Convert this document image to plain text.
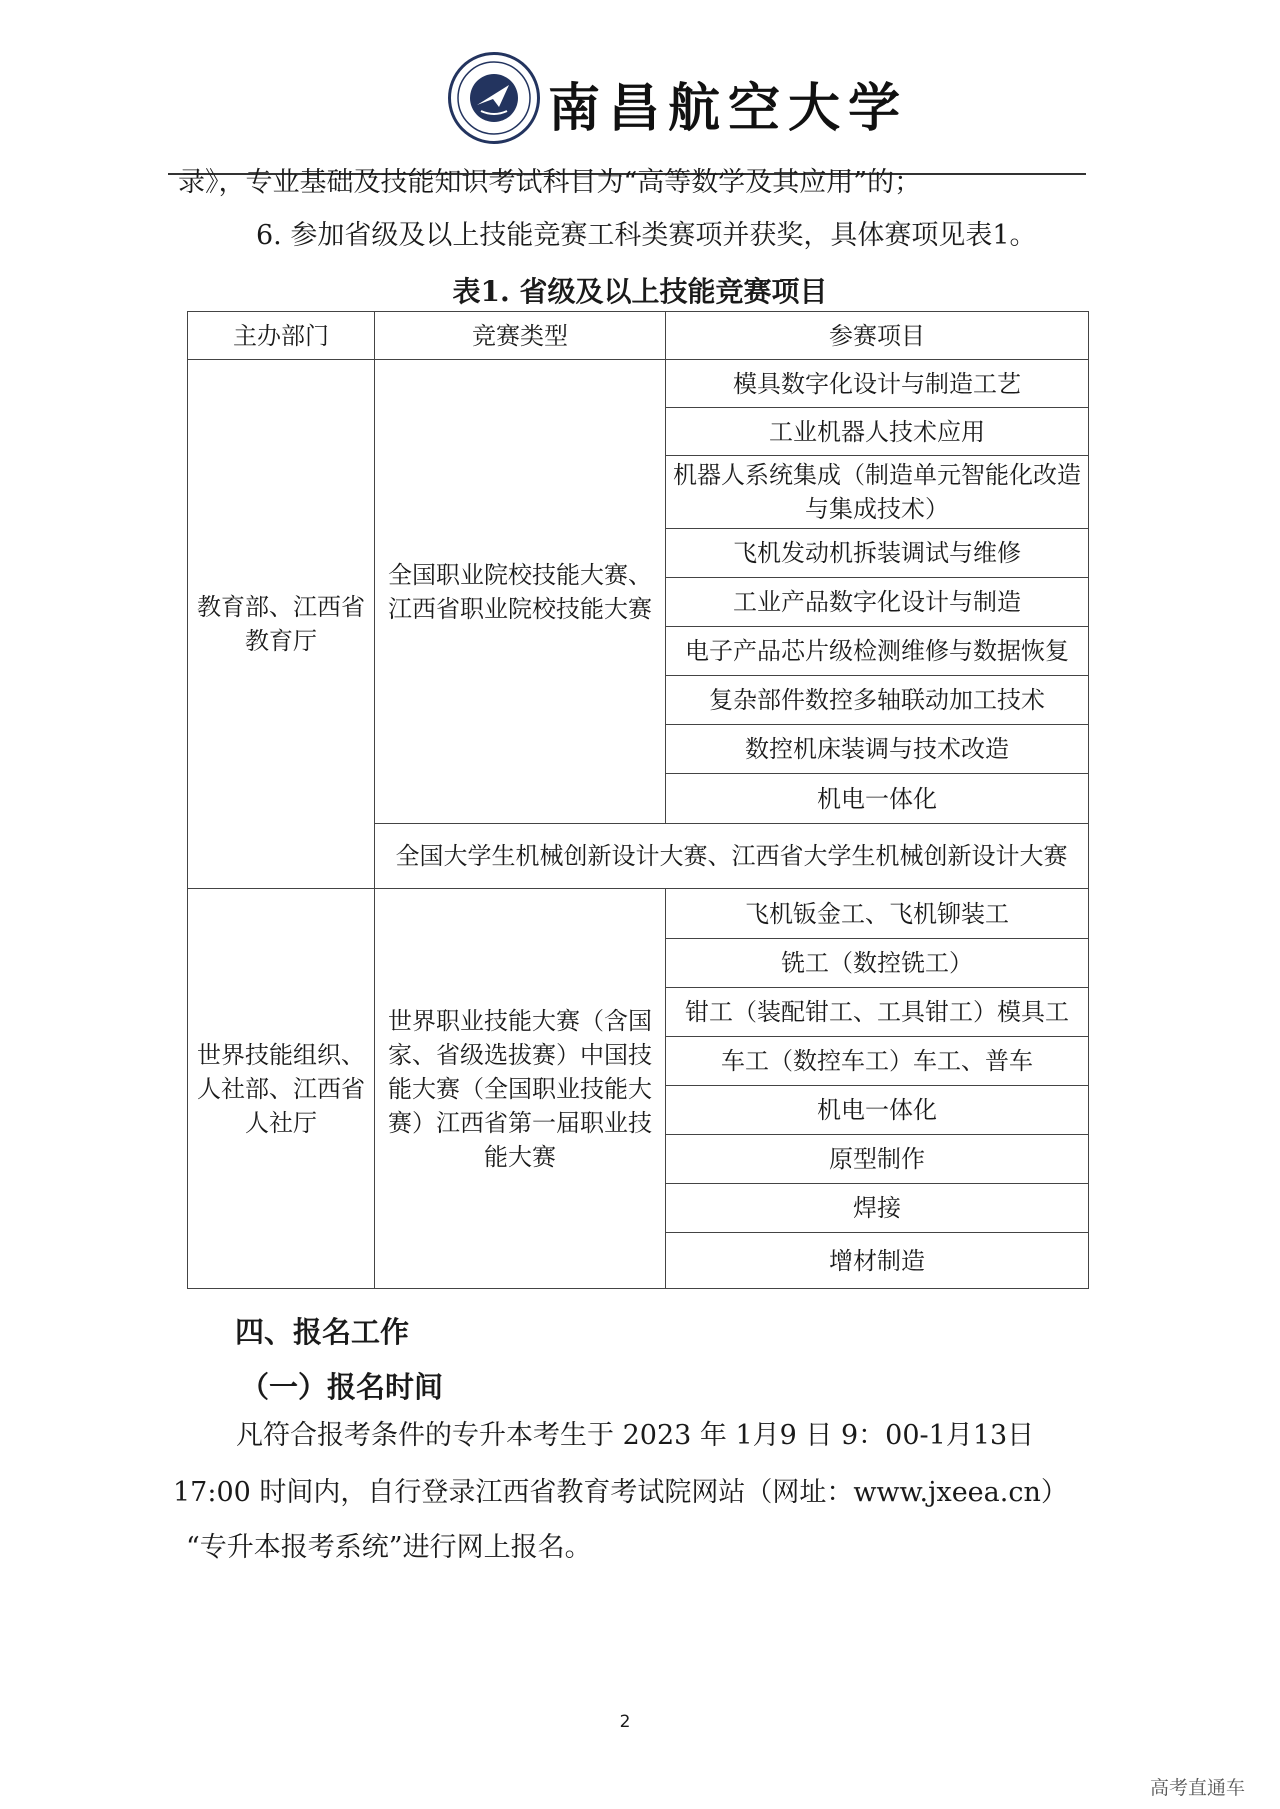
南昌航空大学
录》，专业基础及技能知识考试科目为“高等数学及其应用”的；
6. 参加省级及以上技能竞赛工科类赛项并获奖，具体赛项见表1。
表1. 省级及以上技能竞赛项目
主办部门	竞赛类型	参赛项目
教育部、江西省教育厅
全国职业院校技能大赛、江西省职业院校技能大赛
模具数字化设计与制造工艺
工业机器人技术应用
机器人系统集成（制造单元智能化改造与集成技术）
飞机发动机拆装调试与维修
工业产品数字化设计与制造
电子产品芯片级检测维修与数据恢复
复杂部件数控多轴联动加工技术
数控机床装调与技术改造
机电一体化
全国大学生机械创新设计大赛、江西省大学生机械创新设计大赛
世界技能组织、人社部、江西省人社厅
世界职业技能大赛（含国家、省级选拔赛）中国技能大赛（全国职业技能大赛）江西省第一届职业技能大赛
飞机钣金工、飞机铆装工
铣工（数控铣工）
钳工（装配钳工、工具钳工）模具工
车工（数控车工）车工、普车
机电一体化
原型制作
焊接
增材制造
四、报名工作
（一）报名时间
凡符合报考条件的专升本考生于 2023 年 1月9 日 9：00-1月13日
17:00 时间内，自行登录江西省教育考试院网站（网址：www.jxeea.cn）
“专升本报考系统”进行网上报名。
2
高考直通车
